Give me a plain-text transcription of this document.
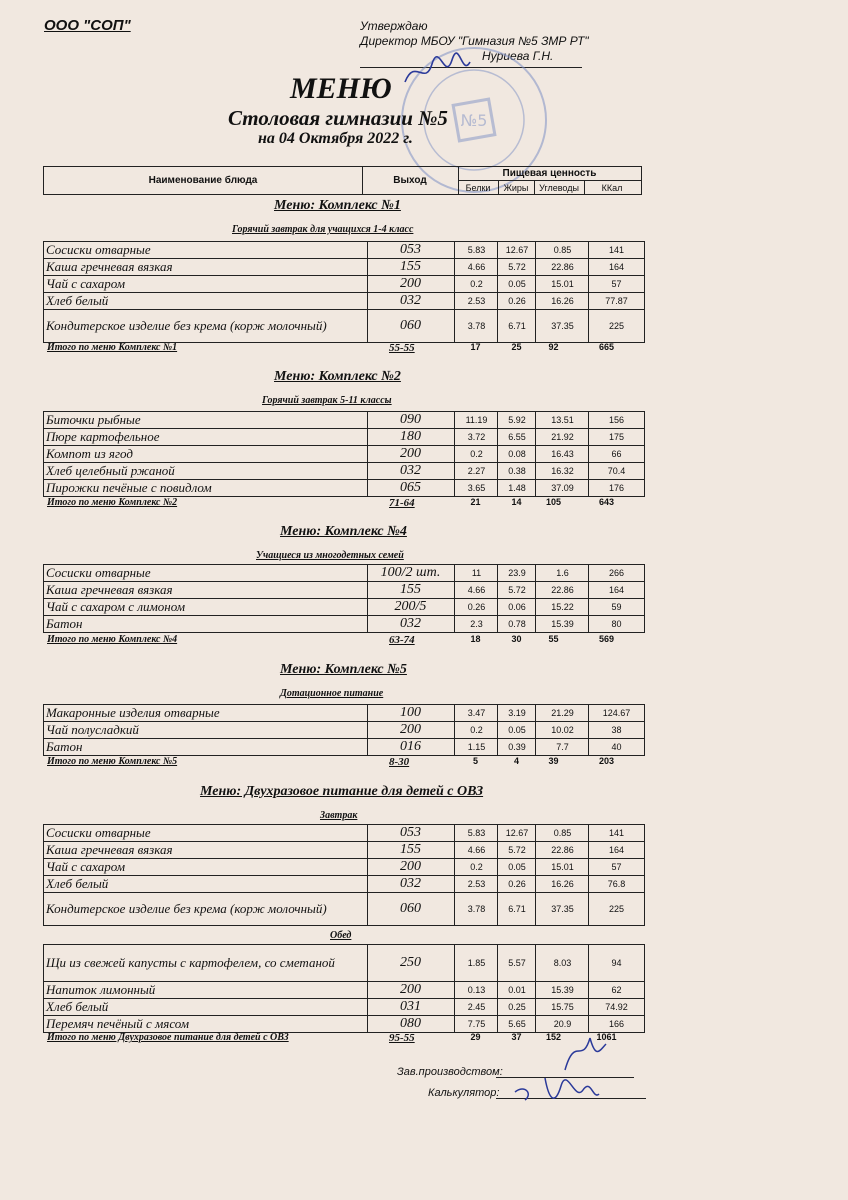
ООО "СОП"	Утверждаю
Директор МБОУ "Гимназия №5 ЗМР РТ"
Нуриева Г.Н.
№5
МЕНЮ
Столовая гимназии №5
на 04 Октября 2022 г.
Наименование блюда	Выход
Пищевая ценность
Белки	Жиры	Углеводы	ККал
Меню: Комплекс №1
Горячий завтрак для учащихся 1-4 класс
Сосиски отварные	053	5.83	12.67	0.85	141
Каша гречневая вязкая	155	4.66	5.72	22.86	164
Чай с сахаром	200	0.2	0.05	15.01	57
Хлеб белый	032	2.53	0.26	16.26	77.87
Кондитерское изделие без крема (корж молочный)	060	3.78	6.71	37.35	225
Итого по меню Комплекс №1	55-55	17	25	92	665
Меню: Комплекс №2
Горячий завтрак 5-11 классы
Биточки рыбные	090	11.19	5.92	13.51	156
Пюре картофельное	180	3.72	6.55	21.92	175
Компот из ягод	200	0.2	0.08	16.43	66
Хлеб целебный ржаной	032	2.27	0.38	16.32	70.4
Пирожки печёные с повидлом	065	3.65	1.48	37.09	176
Итого по меню Комплекс №2	71-64	21	14	105	643
Меню: Комплекс №4
Учащиеся из многодетных семей
Сосиски отварные	100/2 шт.	11	23.9	1.6	266
Каша гречневая вязкая	155	4.66	5.72	22.86	164
Чай с сахаром с лимоном	200/5	0.26	0.06	15.22	59
Батон	032	2.3	0.78	15.39	80
Итого по меню Комплекс №4	63-74	18	30	55	569
Меню: Комплекс №5
Дотационное питание
Макаронные изделия отварные	100	3.47	3.19	21.29	124.67
Чай полусладкий	200	0.2	0.05	10.02	38
Батон	016	1.15	0.39	7.7	40
Итого по меню Комплекс №5	8-30	5	4	39	203
Меню: Двухразовое питание для детей с ОВЗ
Завтрак
Сосиски отварные	053	5.83	12.67	0.85	141
Каша гречневая вязкая	155	4.66	5.72	22.86	164
Чай с сахаром	200	0.2	0.05	15.01	57
Хлеб белый	032	2.53	0.26	16.26	76.8
Кондитерское изделие без крема (корж молочный)	060	3.78	6.71	37.35	225
Обед
Щи из свежей капусты с картофелем, со сметаной	250	1.85	5.57	8.03	94
Напиток лимонный	200	0.13	0.01	15.39	62
Хлеб белый	031	2.45	0.25	15.75	74.92
Перемяч печёный с мясом	080	7.75	5.65	20.9	166
Итого по меню Двухразовое питание для детей с ОВЗ	95-55	29	37	152	1061
Зав.производством:
Калькулятор:
